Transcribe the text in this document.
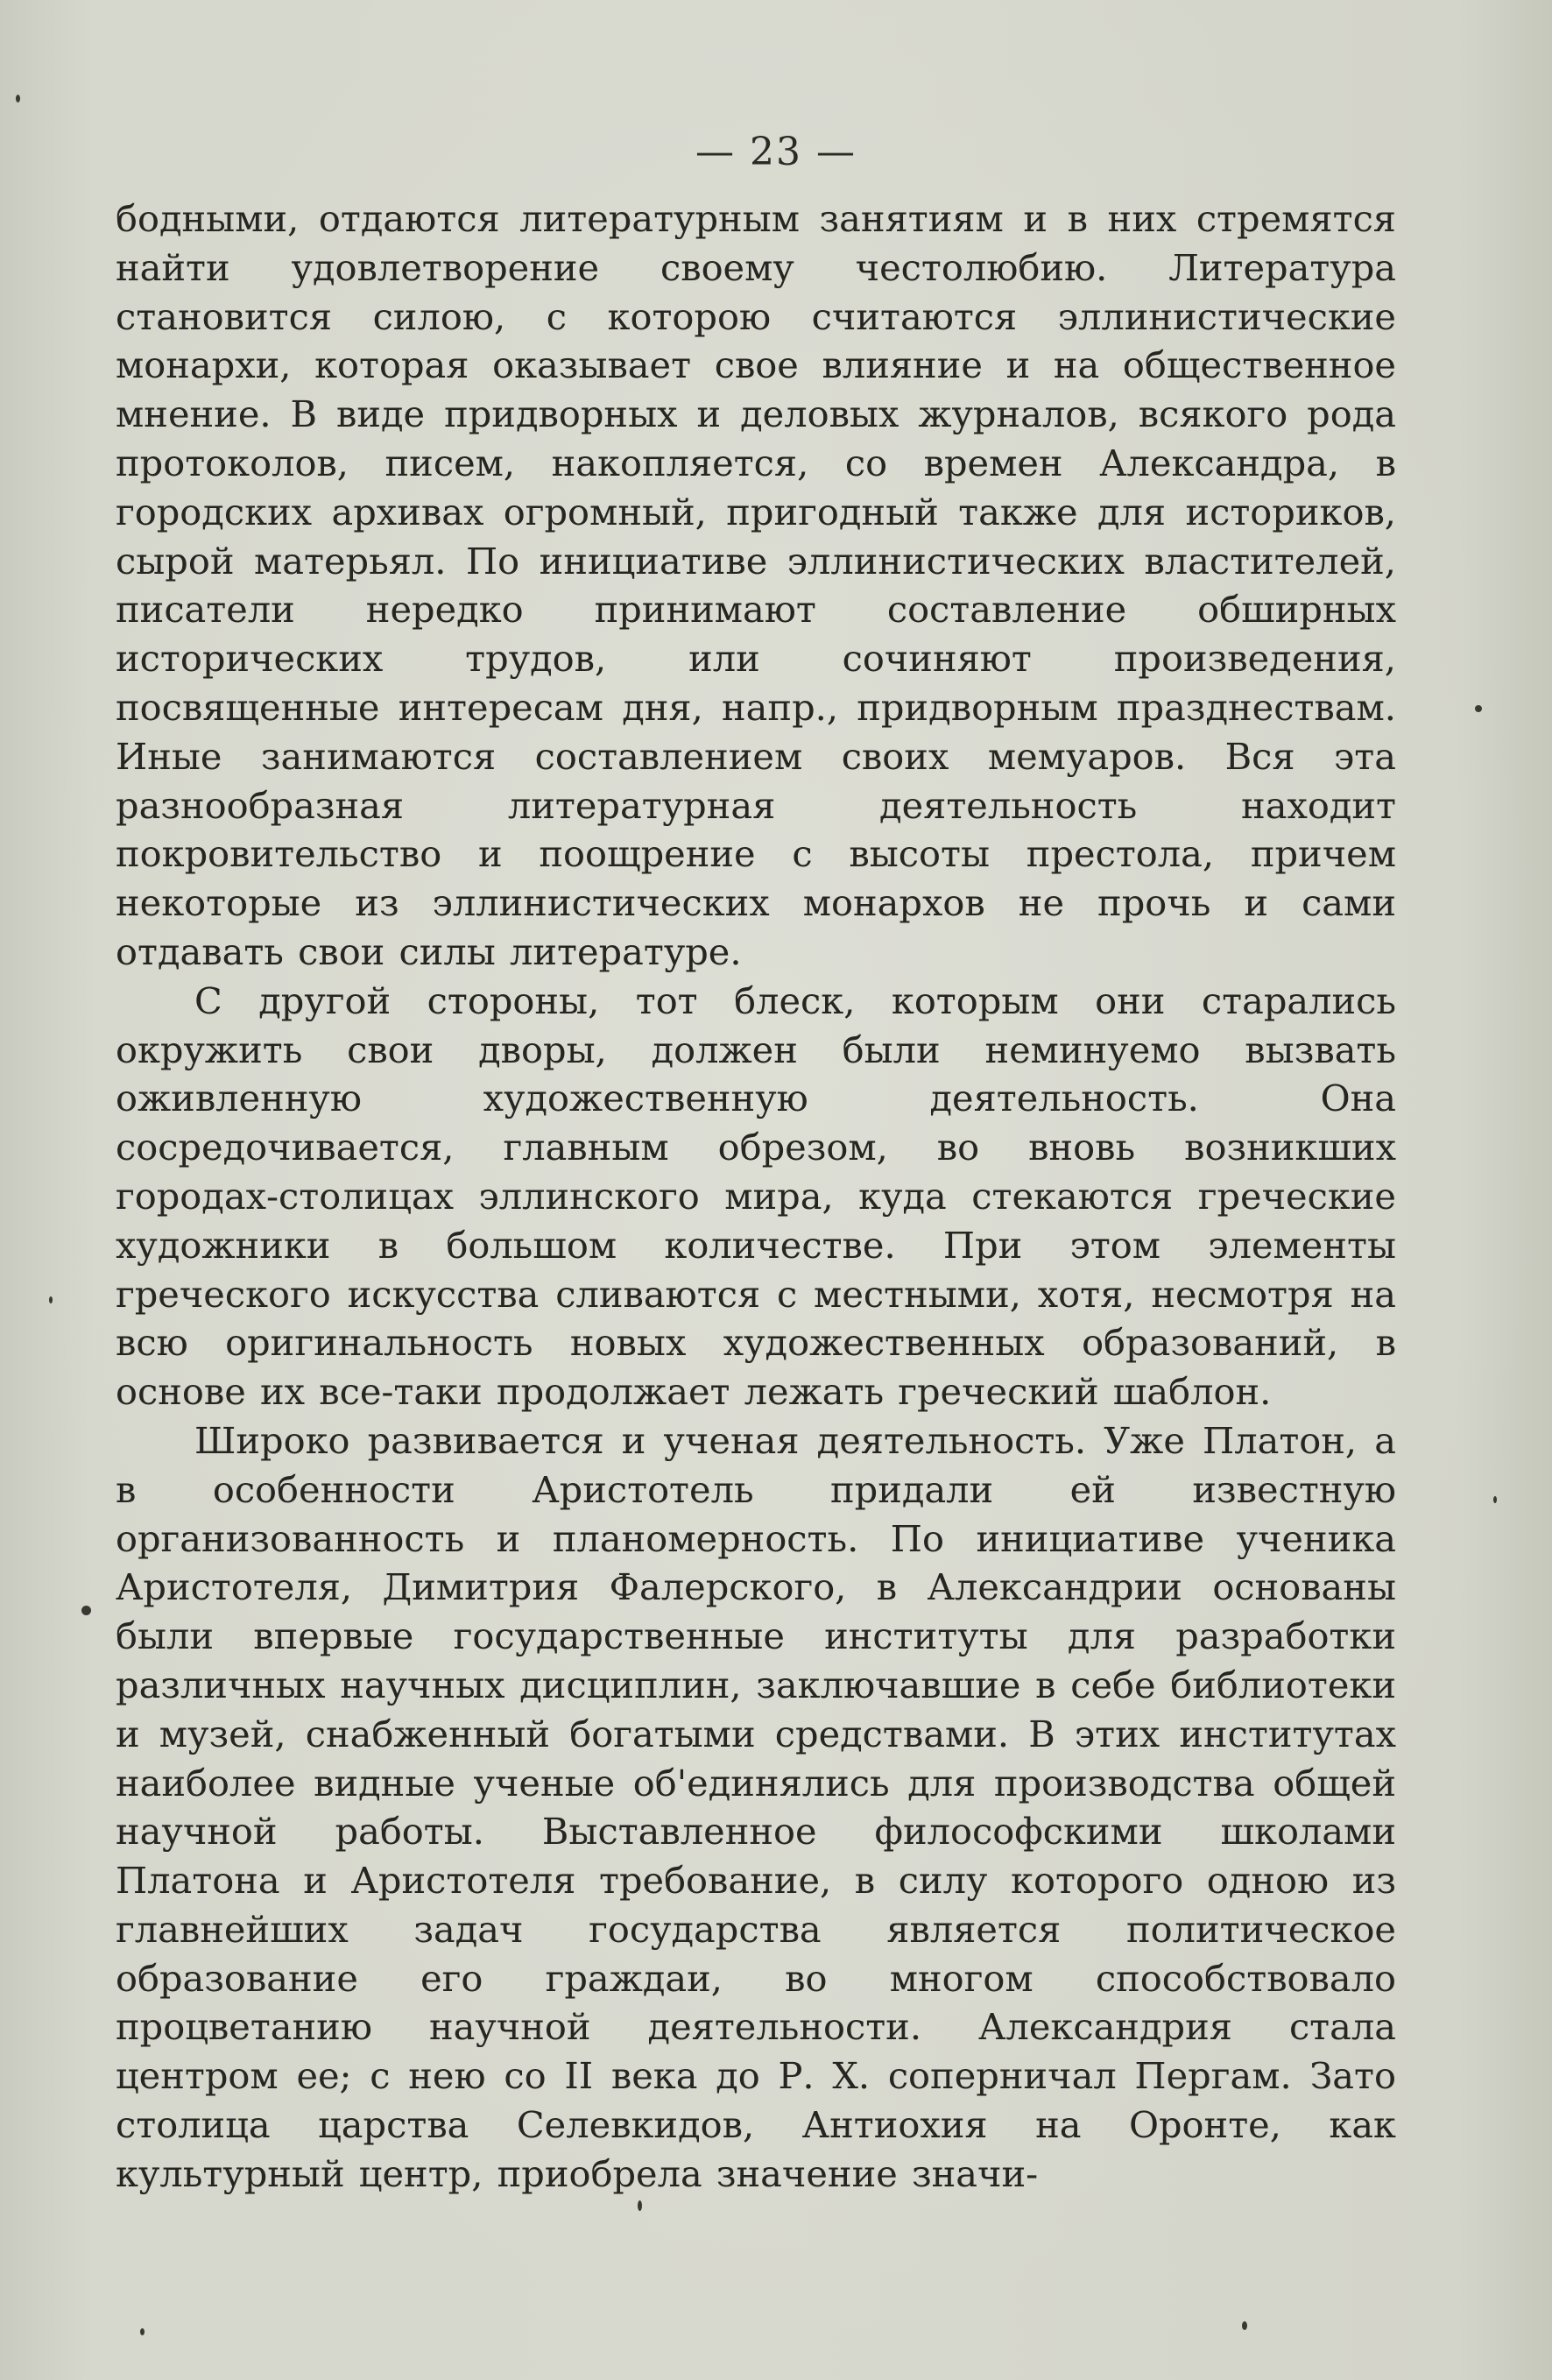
— 23 —

бодными, отдаются литературным занятиям и в них стремятся найти удовлетворение своему честолюбию. Литература становится силою, с которою считаются эллинистические монархи, которая оказывает свое влияние и на общественное мнение. В виде придворных и деловых журналов, всякого рода протоколов, писем, накопляется, со времен Александра, в городских архивах огромный, пригодный также для историков, сырой матерьял. По инициативе эллинистических властителей, писатели нередко принимают составление обширных исторических трудов, или сочиняют произведения, посвященные интересам дня, напр., придворным празднествам. Иные занимаются составлением своих мемуаров. Вся эта разнообразная литературная деятельность находит покровительство и поощрение с высоты престола, причем некоторые из эллинистических монархов не прочь и сами отдавать свои силы литературе.

С другой стороны, тот блеск, которым они старались окружить свои дворы, должен были неминуемо вызвать оживленную художественную деятельность. Она сосредочивается, главным обрезом, во вновь возникших городах-столицах эллинского мира, куда стекаются греческие художники в большом количестве. При этом элементы греческого искусства сливаются с местными, хотя, несмотря на всю оригинальность новых художественных образований, в основе их все-таки продолжает лежать греческий шаблон.

Широко развивается и ученая деятельность. Уже Платон, а в особенности Аристотель придали ей известную организованность и планомерность. По инициативе ученика Аристотеля, Димитрия Фалерского, в Александрии основаны были впервые государственные институты для разработки различных научных дисциплин, заключавшие в себе библиотеки и музей, снабженный богатыми средствами. В этих институтах наиболее видные ученые об'единялись для производства общей научной работы. Выставленное философскими школами Платона и Аристотеля требование, в силу которого одною из главнейших задач государства является политическое образование его граждаи, во многом способствовало процветанию научной деятельности. Александрия стала центром ее; с нею со II века до Р. Х. соперничал Пергам. Зато столица царства Селевкидов, Антиохия на Оронте, как культурный центр, приобрела значение значи-
